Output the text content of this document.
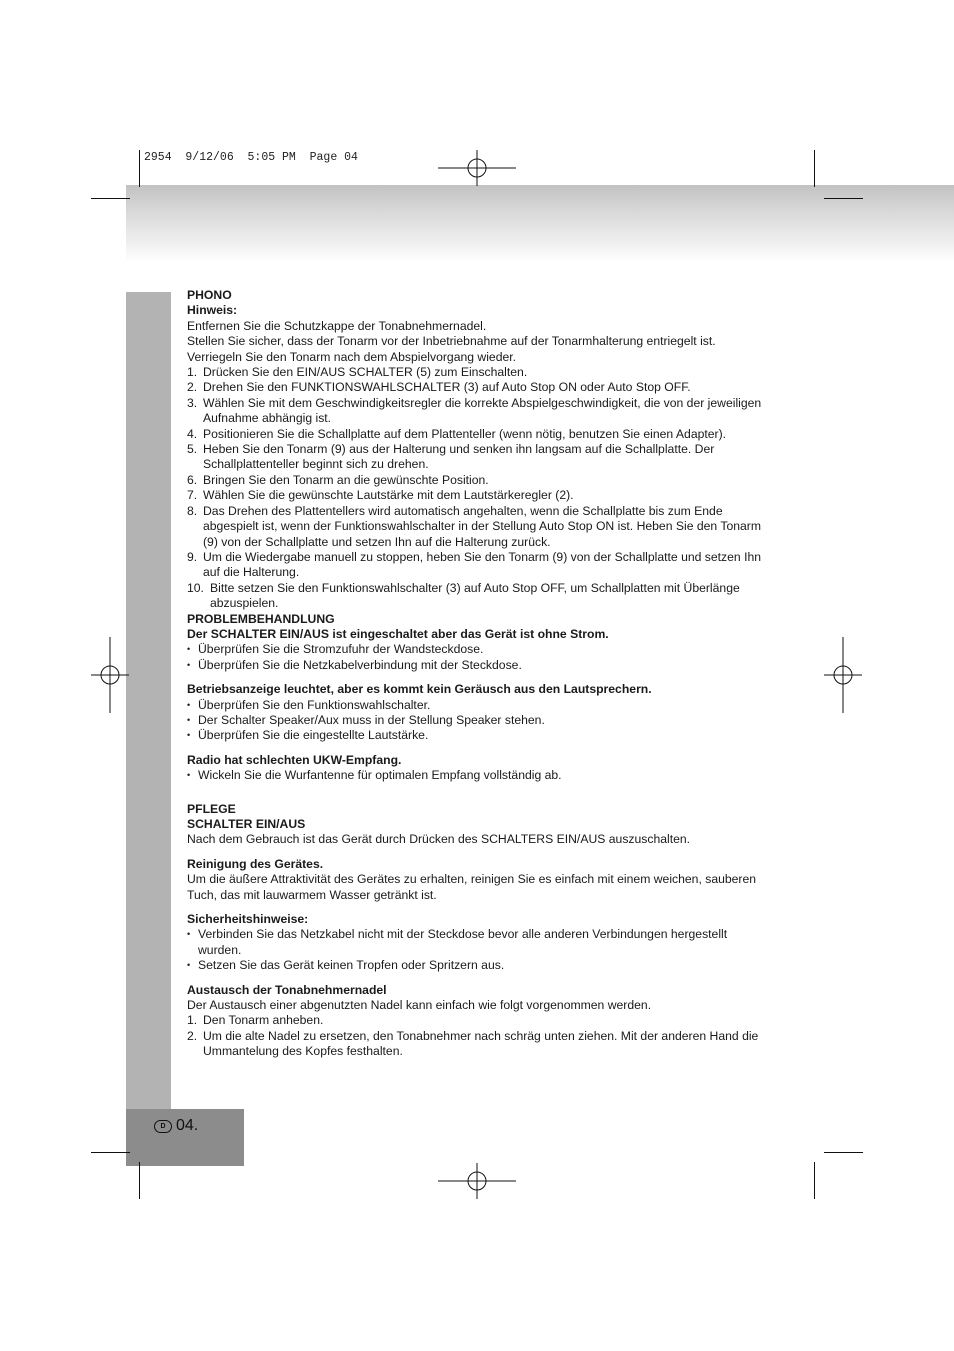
2954  9/12/06  5:05 PM  Page 04
D 04.

PHONO

Hinweis:

Entfernen Sie die Schutzkappe der Tonabnehmernadel.

Stellen Sie sicher, dass der Tonarm vor der Inbetriebnahme auf der Tonarmhalterung entriegelt ist.

Verriegeln Sie den Tonarm nach dem Abspielvorgang wieder.

1. Drücken Sie den EIN/AUS SCHALTER (5) zum Einschalten.
2. Drehen Sie den FUNKTIONSWAHLSCHALTER (3) auf Auto Stop ON oder Auto Stop OFF.
3. Wählen Sie mit dem Geschwindigkeitsregler die korrekte Abspielgeschwindigkeit, die von der jeweiligen Aufnahme abhängig ist.
4. Positionieren Sie die Schallplatte auf dem Plattenteller (wenn nötig, benutzen Sie einen Adapter).
5. Heben Sie den Tonarm (9) aus der Halterung und senken ihn langsam auf die Schallplatte. Der Schallplattenteller beginnt sich zu drehen.
6. Bringen Sie den Tonarm an die gewünschte Position.
7. Wählen Sie die gewünschte Lautstärke mit dem Lautstärkeregler (2).
8. Das Drehen des Plattentellers wird automatisch angehalten, wenn die Schallplatte bis zum Ende abgespielt ist, wenn der Funktionswahlschalter in der Stellung Auto Stop ON ist. Heben Sie den Tonarm (9) von der Schallplatte und setzen Ihn auf die Halterung zurück.
9. Um die Wiedergabe manuell zu stoppen, heben Sie den Tonarm (9) von der Schallplatte und setzen Ihn auf die Halterung.
10. Bitte setzen Sie den Funktionswahlschalter (3) auf Auto Stop OFF, um Schallplatten mit Überlänge abzuspielen.

PROBLEMBEHANDLUNG

Der SCHALTER EIN/AUS ist eingeschaltet aber das Gerät ist ohne Strom.

• Überprüfen Sie die Stromzufuhr der Wandsteckdose.
• Überprüfen Sie die Netzkabelverbindung mit der Steckdose.

Betriebsanzeige leuchtet, aber es kommt kein Geräusch aus den Lautsprechern.

• Überprüfen Sie den Funktionswahlschalter.
• Der Schalter Speaker/Aux muss in der Stellung Speaker stehen.
• Überprüfen Sie die eingestellte Lautstärke.

Radio hat schlechten UKW-Empfang.

• Wickeln Sie die Wurfantenne für optimalen Empfang vollständig ab.

PFLEGE

SCHALTER EIN/AUS

Nach dem Gebrauch ist das Gerät durch Drücken des SCHALTERS EIN/AUS auszuschalten.

Reinigung des Gerätes.

Um die äußere Attraktivität des Gerätes zu erhalten, reinigen Sie es einfach mit einem weichen, sauberen Tuch, das mit lauwarmem Wasser getränkt ist.

Sicherheitshinweise:

• Verbinden Sie das Netzkabel nicht mit der Steckdose bevor alle anderen Verbindungen hergestellt wurden.
• Setzen Sie das Gerät keinen Tropfen oder Spritzern aus.

Austausch der Tonabnehmernadel

Der Austausch einer abgenutzten Nadel kann einfach wie folgt vorgenommen werden.

1. Den Tonarm anheben.
2. Um die alte Nadel zu ersetzen, den Tonabnehmer nach schräg unten ziehen. Mit der anderen Hand die Ummantelung des Kopfes festhalten.
